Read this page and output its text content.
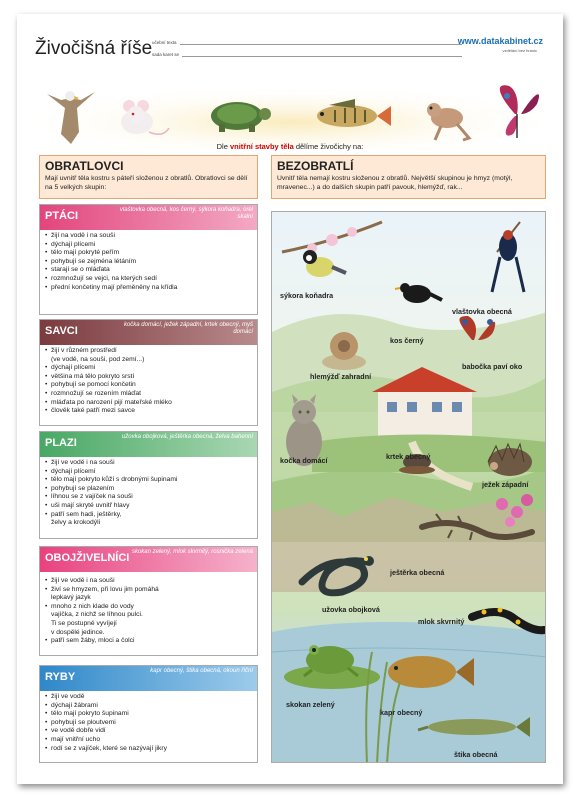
Živočišná říše učební texta
sada karet se
www.datakabinet.cz
vzdělání bez hranic
Dle vnitřní stavby těla dělíme živočichy na:
OBRATLOVCI

Mají uvnitř těla kostru s páteří složenou z obratlů. Obratlovci se dělí na 5 velkých skupin:

BEZOBRATLÍ

Uvnitř těla nemají kostru složenou z obratlů. Největší skupinou je hmyz (motýl, mravenec...) a do dalších skupin patří pavouk, hlemýžď, rak...

PTÁCI	vlaštovka obecná, kos černý, sýkora koňadra, orel skalní
• žijí na vodě i na souši
• dýchají plícemi
• tělo mají pokryté peřím
• pohybují se zejména létáním
• starají se o mláďata
• rozmnožují se vejci, na kterých sedí
• přední končetiny mají přeměněny na křídla
SAVCI	kočka domácí, ježek západní, krtek obecný, myš domácí
• žijí v různém prostředí
(ve vodě, na souši, pod zemí...)
• dýchají plícemi
• většina má tělo pokryto srstí
• pohybují se pomocí končetin
• rozmnožují se rozením mláďat
• mláďata po narození pijí mateřské mléko
• člověk také patří mezi savce
PLAZI	užovka obojková, ještěrka obecná, želva bahenní
• žijí ve vodě i na souši
• dýchají plícemi
• tělo mají pokryto kůží s drobnými šupinami
• pohybují se plazením
• líhnou se z vajíček na souši
• uši mají skryté uvnitř hlavy
• patří sem hadi, ještěrky,
želvy a krokodýli
OBOJŽIVELNÍCI skokan zelený, mlok skvrnitý, rosnička zelená
• žijí ve vodě i na souši
• živí se hmyzem, při lovu jim pomáhá
lepkavý jazyk
• mnoho z nich klade do vody
vajíčka, z nichž se líhnou pulci.
Ti se postupně vyvíjejí
v dospělé jedince.
• patří sem žáby, mloci a čolci
RYBY	kapr obecný, štika obecná, okoun říční
• žijí ve vodě
• dýchají žábrami
• tělo mají pokryto šupinami
• pohybují se ploutvemi
• ve vodě dobře vidí
• mají vnitřní ucho
• rodí se z vajíček, které se nazývají jikry
sýkora koňadra
vlaštovka obecná
kos černý
hlemýžď zahradní
babočka paví oko
kočka domácí	krtek obecný
ježek západní
ještěrka obecná
užovka obojková
mlok skvrnitý
skokan zelený
kapr obecný
štika obecná
